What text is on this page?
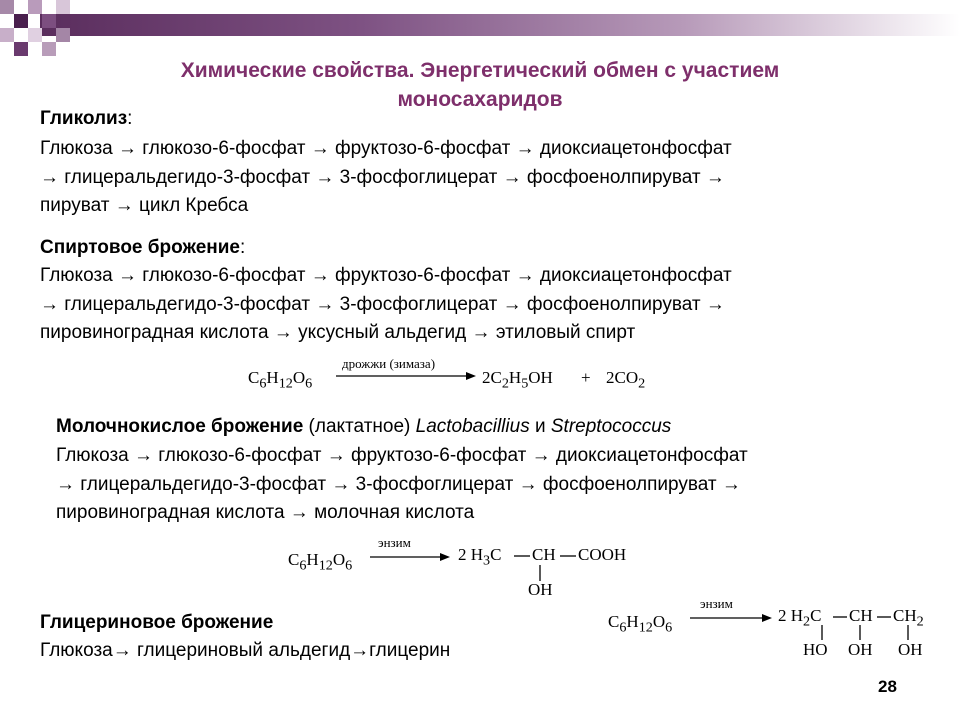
Химические свойства. Энергетический обмен с участием
моносахаридов
Гликолиз:
Глюкоза → глюкозо-6-фосфат → фруктозо-6-фосфат → диоксиацетонфосфат
→ глицеральдегидо-3-фосфат → 3-фосфоглицерат → фосфоенолпируват →
пируват → цикл Кребса
Спиртовое брожение:
Глюкоза → глюкозо-6-фосфат → фруктозо-6-фосфат → диоксиацетонфосфат
→ глицеральдегидо-3-фосфат → 3-фосфоглицерат → фосфоенолпируват →
пировиноградная кислота → уксусный альдегид → этиловый спирт
$C_6H_{12}O_6$
дрожжи (зимаза)
$2C_2H_5OH + 2CO_2$
Молочнокислое брожение (лактатное) Lactobacillius и Streptococcus
Глюкоза → глюкозо-6-фосфат → фруктозо-6-фосфат → диоксиацетонфосфат
→ глицеральдегидо-3-фосфат → 3-фосфоглицерат → фосфоенолпируват →
пировиноградная кислота → молочная кислота
$C_6H_{12}O_6$
энзим
2 $H_3C$ CH COOH
OH
Глицериновое брожение
Глюкоза→ глицериновый альдегид→глицерин
$C_6H_{12}O_6$
энзим
2 $H_2C$ CH $CH_2$
HO OH OH
28
